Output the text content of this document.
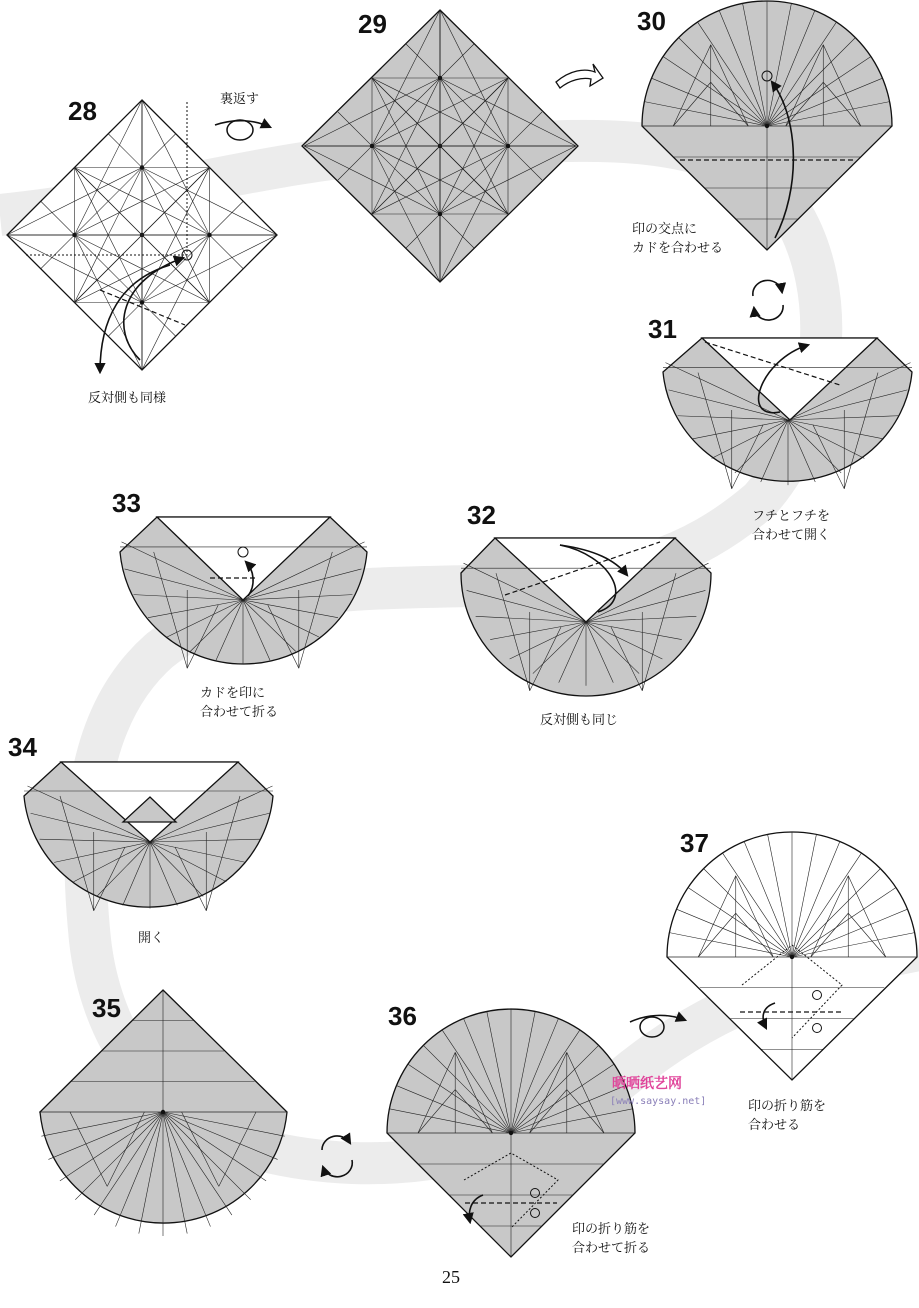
28
反対側も同様
裏返す
29	30
印の交点に
カドを合わせる
31
フチとフチを
合わせて開く
32
反対側も同じ
33
カドを印に
合わせて折る
34
開く
35	36
印の折り筋を
合わせて折る
37
印の折り筋を
合わせる
晒晒纸艺网
[www.saysay.net]
25
